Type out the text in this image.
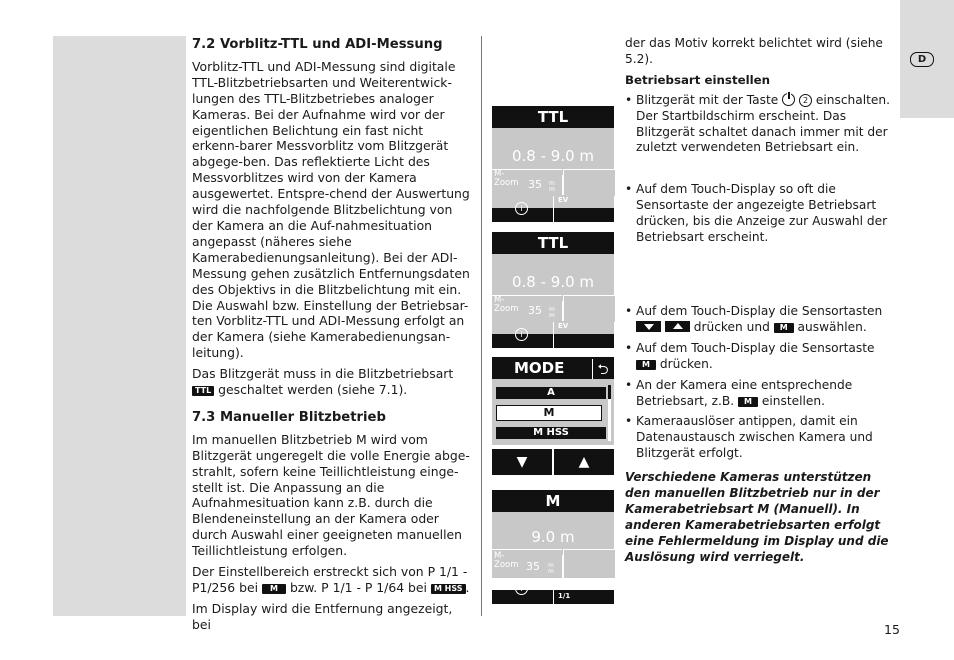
D
7.2 Vorblitz-TTL und ADI-Messung

Vorblitz-TTL und ADI-Messung sind digitale TTL-Blitzbetriebsarten und Weiterentwick-lungen des TTL-Blitzbetriebes analoger Kameras. Bei der Aufnahme wird vor der eigentlichen Belichtung ein fast nicht erkenn-barer Messvorblitz vom Blitzgerät abgege-ben. Das reflektierte Licht des Messvorblitzes wird von der Kamera ausgewertet. Entspre-chend der Auswertung wird die nachfolgende Blitzbelichtung von der Kamera an die Auf-nahmesituation angepasst (näheres siehe Kamerabedienungsanleitung). Bei der ADI-Messung gehen zusätzlich Entfernungsdaten des Objektivs in die Blitzbelichtung mit ein. Die Auswahl bzw. Einstellung der Betriebsar-ten Vorblitz-TTL und ADI-Messung erfolgt an der Kamera (siehe Kamerabedienungsan-leitung).

Das Blitzgerät muss in die Blitzbetriebsart TTL geschaltet werden (siehe 7.1).

7.3 Manueller Blitzbetrieb

Im manuellen Blitzbetrieb M wird vom Blitzgerät ungeregelt die volle Energie abge-strahlt, sofern keine Teillichtleistung einge-stellt ist. Die Anpassung an die Aufnahmesituation kann z.B. durch die Blendeneinstellung an der Kamera oder durch Auswahl einer geeigneten manuellen Teillichtleistung erfolgen.

Der Einstellbereich erstreckt sich von P 1/1 - P1/256 bei M bzw. P 1/1 - P 1/64 bei M HSS .

Im Display wird die Entfernung angezeigt, bei

TTL
0.8 - 9.0 m
M-
Zoom 35 m
m
i
EV
TTL
0.8 - 9.0 m
M-
Zoom 35 m
m
i
EV
MODE	⮌
A
M
M HSS
▼	▲
M
9.0 m
M-
Zoom 35 m
m
i
P
1/1

der das Motiv korrekt belichtet wird (siehe 5.2).

Betriebsart einstellen

• Blitzgerät mit der Taste	2 einschalten. Der Startbildschirm erscheint. Das Blitzgerät schaltet danach immer mit der zuletzt verwendeten Betriebsart ein.
• Auf dem Touch-Display so oft die Sensortaste der angezeigte Betriebsart drücken, bis die Anzeige zur Auswahl der Betriebsart erscheint.
• Auf dem Touch-Display die Sensortasten   drücken und M auswählen.
• Auf dem Touch-Display die Sensortaste M drücken.
• An der Kamera eine entsprechende Betriebsart, z.B. M einstellen.
• Kameraauslöser antippen, damit ein Datenaustausch zwischen Kamera und Blitzgerät erfolgt.

Verschiedene Kameras unterstützen den manuellen Blitzbetrieb nur in der Kamerabetriebsart M (Manuell). In anderen Kamerabetriebsarten erfolgt eine Fehlermeldung im Display und die Auslösung wird verriegelt.

15
